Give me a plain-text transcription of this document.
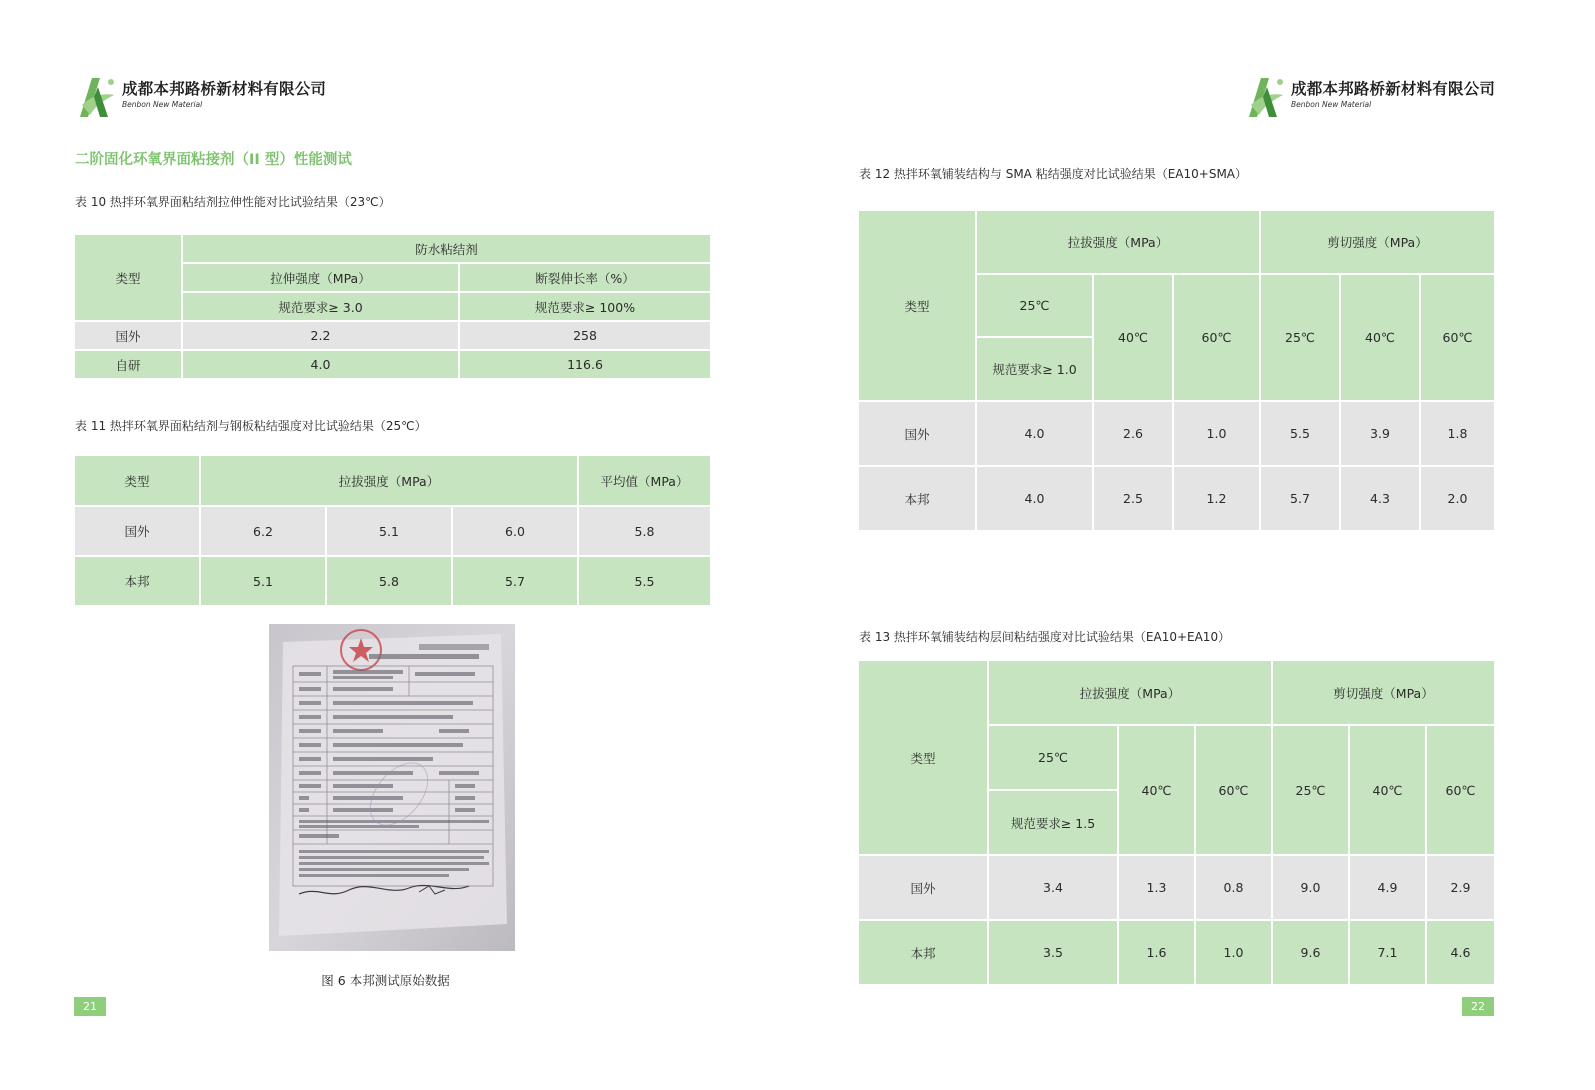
成都本邦路桥新材料有限公司
Benbon New Material
二阶固化环氧界面粘接剂（II 型）性能测试
表 10 热拌环氧界面粘结剂拉伸性能对比试验结果（23℃）
类型	防水粘结剂	
	拉伸强度（MPa）	断裂伸长率（%）
	规范要求≥ 3.0	规范要求≥ 100%
国外	2.2	258
自研	4.0	116.6
表 11 热拌环氧界面粘结剂与钢板粘结强度对比试验结果（25℃）
类型	拉拔强度（MPa）			平均值（MPa）
国外	6.2	5.1	6.0	5.8
本邦	5.1	5.8	5.7	5.5
图 6 本邦测试原始数据
21
成都本邦路桥新材料有限公司
Benbon New Material
表 12 热拌环氧铺装结构与 SMA 粘结强度对比试验结果（EA10+SMA）
类型	拉拔强度（MPa）			剪切强度（MPa）		
	25℃	40℃	60℃	25℃	40℃	60℃
	规范要求≥ 1.0					
国外	4.0	2.6	1.0	5.5	3.9	1.8
本邦	4.0	2.5	1.2	5.7	4.3	2.0
表 13 热拌环氧铺装结构层间粘结强度对比试验结果（EA10+EA10）
类型	拉拔强度（MPa）			剪切强度（MPa）		
	25℃	40℃	60℃	25℃	40℃	60℃
	规范要求≥ 1.5					
国外	3.4	1.3	0.8	9.0	4.9	2.9
本邦	3.5	1.6	1.0	9.6	7.1	4.6
22
